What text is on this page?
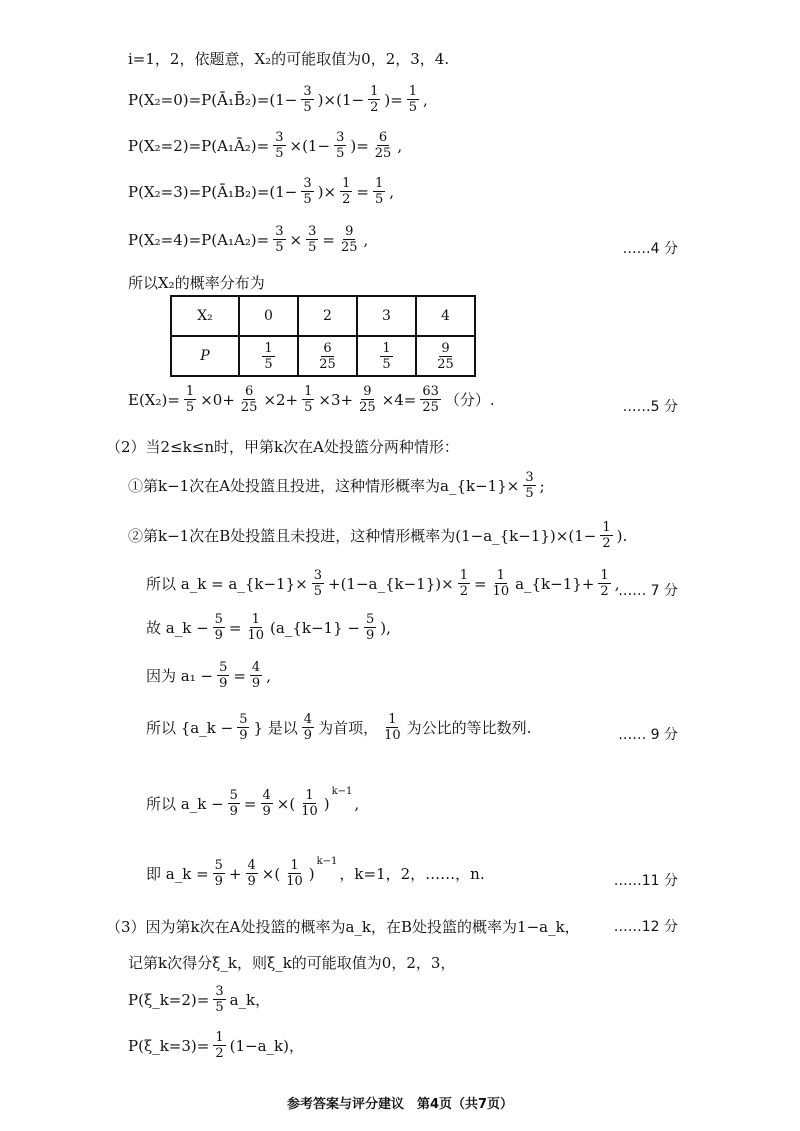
i=1，2，依题意，X₂的可能取值为0，2，3，4.
P(X₂=0)=P(Ā₁B̄₂)=(1− $\frac{3}{5} )\times(1- \frac{1}{2}$ )= $\frac{1}{5}$ ,
P(X₂=2)=P(A₁Ā₂)= $\frac{3}{5} \times(1- \frac{3}{5}$ )= $\frac{6}{25}$ ,
P(X₂=3)=P(Ā₁B₂)=(1− $\frac{3}{5}$ )× $\frac{1}{2} = \frac{1}{5}$ ,
$P(X_2=4)=P(A_1A_2)= \frac{3}{5} \times \frac{3}{5} = \frac{9}{25}$ ,
……4 分
所以X₂的概率分布为
X₂	0	2	3	4
P	$\frac{1}{5}$	$\frac{6}{25}$	$\frac{1}{5}$	$\frac{9}{25}$
$E(X_2)= \frac{1}{5} \times 0+ \frac{6}{25} \times 2+ \frac{1}{5} \times 3+ \frac{9}{25} \times 4= \frac{63}{25}$ （分）.	……5 分
（2）当2≤k≤n时，甲第k次在A处投篮分两种情形：
①第k−1次在A处投篮且投进，这种情形概率为a_{k−1}× $\frac{3}{5}$ ;
②第k−1次在B处投篮且未投进，这种情形概率为(1−a_{k−1})×(1− $\frac{1}{2}$ ).
所以 a_k = a_{k−1}× $\frac{3}{5}$ +(1−a_{k−1})× $\frac{1}{2} = \frac{1}{10}$ a_{k−1}+ $\frac{1}{2}$ ,
…… 7 分
故 a_k − $\frac{5}{9} = \frac{1}{10}$ (a_{k−1} − $\frac{5}{9}$ ),
因为 $a_1 - \frac{5}{9} = \frac{4}{9}$ ,
所以 {a_k − $\frac{5}{9}$ } 是以 $\frac{4}{9}$ 为首项， $\frac{1}{10}$ 为公比的等比数列.	…… 9 分
所以 a_k − $\frac{5}{9} = \frac{4}{9}$ ×( $\frac{1}{10}$ )
$^{k-1}$
,
即 a_k = $\frac{5}{9} + \frac{4}{9}$ ×( $\frac{1}{10}$ )
$^{k-1}$
，k=1，2，……，n.	……11 分
（3）因为第k次在A处投篮的概率为a_k，在B处投篮的概率为1−a_k， ……12 分
记第k次得分ξ_k，则ξ_k的可能取值为0，2，3，
P(ξ_k=2)= $\frac{3}{5}$ a_k，
P(ξ_k=3)= $\frac{1}{2}$ (1−a_k)，
参考答案与评分建议　第4页（共7页）
